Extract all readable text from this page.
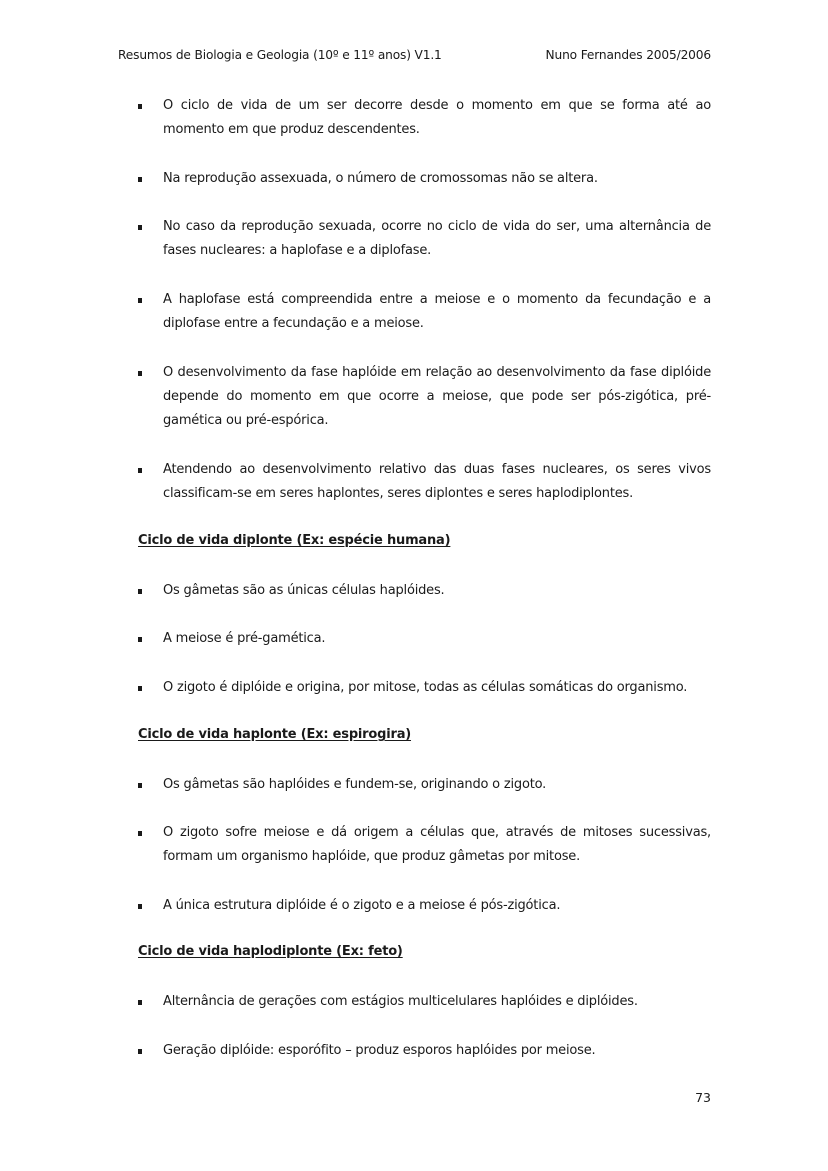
Resumos de Biologia e Geologia (10º e 11º anos) V1.1	Nuno Fernandes 2005/2006
O ciclo de vida de um ser decorre desde o momento em que se forma até ao momento em que produz descendentes.
Na reprodução assexuada, o número de cromossomas não se altera.
No caso da reprodução sexuada, ocorre no ciclo de vida do ser, uma alternância de fases nucleares: a haplofase e a diplofase.
A haplofase está compreendida entre a meiose e o momento da fecundação e a diplofase entre a fecundação e a meiose.
O desenvolvimento da fase haplóide em relação ao desenvolvimento da fase diplóide depende do momento em que ocorre a meiose, que pode ser pós-zigótica, pré-gamética ou pré-espórica.
Atendendo ao desenvolvimento relativo das duas fases nucleares, os seres vivos classificam-se em seres haplontes, seres diplontes e seres haplodiplontes.
Ciclo de vida diplonte (Ex: espécie humana)
Os gâmetas são as únicas células haplóides.
A meiose é pré-gamética.
O zigoto é diplóide e origina, por mitose, todas as células somáticas do organismo.
Ciclo de vida haplonte (Ex: espirogira)
Os gâmetas são haplóides e fundem-se, originando o zigoto.
O zigoto sofre meiose e dá origem a células que, através de mitoses sucessivas, formam um organismo haplóide, que produz gâmetas por mitose.
A única estrutura diplóide é o zigoto e a meiose é pós-zigótica.
Ciclo de vida haplodiplonte (Ex: feto)
Alternância de gerações com estágios multicelulares haplóides e diplóides.
Geração diplóide: esporófito – produz esporos haplóides por meiose.
73
